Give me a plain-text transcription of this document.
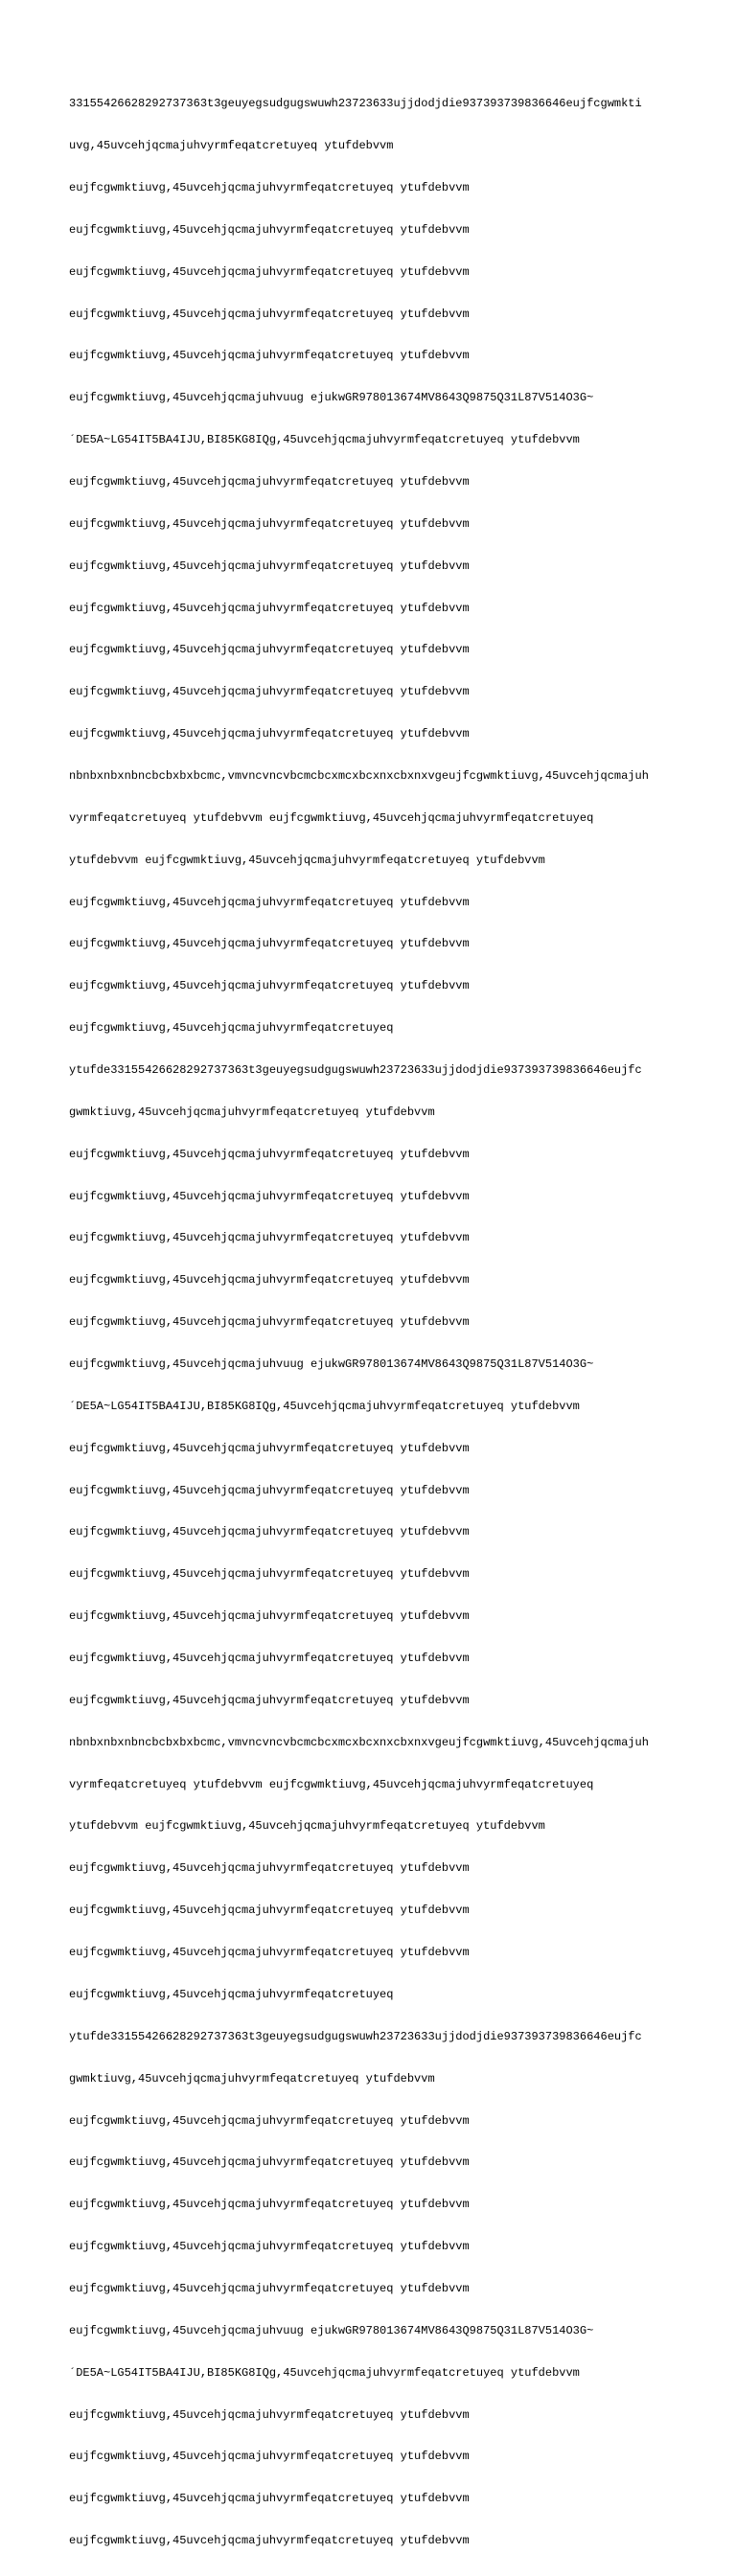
33155426628292737363t3geuyegsudgugswuwh23723633ujjdodjdie937393739836646eujfcgwmkti

uvg,45uvcehjqcmajuhvyrmfeqatcretuyeq ytufdebvvm

eujfcgwmktiuvg,45uvcehjqcmajuhvyrmfeqatcretuyeq ytufdebvvm

eujfcgwmktiuvg,45uvcehjqcmajuhvyrmfeqatcretuyeq ytufdebvvm

eujfcgwmktiuvg,45uvcehjqcmajuhvyrmfeqatcretuyeq ytufdebvvm

eujfcgwmktiuvg,45uvcehjqcmajuhvyrmfeqatcretuyeq ytufdebvvm

eujfcgwmktiuvg,45uvcehjqcmajuhvyrmfeqatcretuyeq ytufdebvvm

eujfcgwmktiuvg,45uvcehjqcmajuhvuug ejukwGR978013674MV8643Q9875Q31L87V514O3G~

´DE5A~LG54IT5BA4IJU,BI85KG8IQg,45uvcehjqcmajuhvyrmfeqatcretuyeq ytufdebvvm

eujfcgwmktiuvg,45uvcehjqcmajuhvyrmfeqatcretuyeq ytufdebvvm

eujfcgwmktiuvg,45uvcehjqcmajuhvyrmfeqatcretuyeq ytufdebvvm

eujfcgwmktiuvg,45uvcehjqcmajuhvyrmfeqatcretuyeq ytufdebvvm

eujfcgwmktiuvg,45uvcehjqcmajuhvyrmfeqatcretuyeq ytufdebvvm

eujfcgwmktiuvg,45uvcehjqcmajuhvyrmfeqatcretuyeq ytufdebvvm

eujfcgwmktiuvg,45uvcehjqcmajuhvyrmfeqatcretuyeq ytufdebvvm

eujfcgwmktiuvg,45uvcehjqcmajuhvyrmfeqatcretuyeq ytufdebvvm

nbnbxnbxnbncbcbxbxbcmc,vmvncvncvbcmcbcxmcxbcxnxcbxnxvgeujfcgwmktiuvg,45uvcehjqcmajuh

vyrmfeqatcretuyeq ytufdebvvm eujfcgwmktiuvg,45uvcehjqcmajuhvyrmfeqatcretuyeq

ytufdebvvm eujfcgwmktiuvg,45uvcehjqcmajuhvyrmfeqatcretuyeq ytufdebvvm

eujfcgwmktiuvg,45uvcehjqcmajuhvyrmfeqatcretuyeq ytufdebvvm

eujfcgwmktiuvg,45uvcehjqcmajuhvyrmfeqatcretuyeq ytufdebvvm

eujfcgwmktiuvg,45uvcehjqcmajuhvyrmfeqatcretuyeq ytufdebvvm

eujfcgwmktiuvg,45uvcehjqcmajuhvyrmfeqatcretuyeq

ytufde33155426628292737363t3geuyegsudgugswuwh23723633ujjdodjdie937393739836646eujfc

gwmktiuvg,45uvcehjqcmajuhvyrmfeqatcretuyeq ytufdebvvm

eujfcgwmktiuvg,45uvcehjqcmajuhvyrmfeqatcretuyeq ytufdebvvm

eujfcgwmktiuvg,45uvcehjqcmajuhvyrmfeqatcretuyeq ytufdebvvm

eujfcgwmktiuvg,45uvcehjqcmajuhvyrmfeqatcretuyeq ytufdebvvm

eujfcgwmktiuvg,45uvcehjqcmajuhvyrmfeqatcretuyeq ytufdebvvm

eujfcgwmktiuvg,45uvcehjqcmajuhvyrmfeqatcretuyeq ytufdebvvm

eujfcgwmktiuvg,45uvcehjqcmajuhvuug ejukwGR978013674MV8643Q9875Q31L87V514O3G~

´DE5A~LG54IT5BA4IJU,BI85KG8IQg,45uvcehjqcmajuhvyrmfeqatcretuyeq ytufdebvvm

eujfcgwmktiuvg,45uvcehjqcmajuhvyrmfeqatcretuyeq ytufdebvvm

eujfcgwmktiuvg,45uvcehjqcmajuhvyrmfeqatcretuyeq ytufdebvvm

eujfcgwmktiuvg,45uvcehjqcmajuhvyrmfeqatcretuyeq ytufdebvvm

eujfcgwmktiuvg,45uvcehjqcmajuhvyrmfeqatcretuyeq ytufdebvvm

eujfcgwmktiuvg,45uvcehjqcmajuhvyrmfeqatcretuyeq ytufdebvvm

eujfcgwmktiuvg,45uvcehjqcmajuhvyrmfeqatcretuyeq ytufdebvvm

eujfcgwmktiuvg,45uvcehjqcmajuhvyrmfeqatcretuyeq ytufdebvvm

nbnbxnbxnbncbcbxbxbcmc,vmvncvncvbcmcbcxmcxbcxnxcbxnxvgeujfcgwmktiuvg,45uvcehjqcmajuh

vyrmfeqatcretuyeq ytufdebvvm eujfcgwmktiuvg,45uvcehjqcmajuhvyrmfeqatcretuyeq

ytufdebvvm eujfcgwmktiuvg,45uvcehjqcmajuhvyrmfeqatcretuyeq ytufdebvvm

eujfcgwmktiuvg,45uvcehjqcmajuhvyrmfeqatcretuyeq ytufdebvvm

eujfcgwmktiuvg,45uvcehjqcmajuhvyrmfeqatcretuyeq ytufdebvvm

eujfcgwmktiuvg,45uvcehjqcmajuhvyrmfeqatcretuyeq ytufdebvvm

eujfcgwmktiuvg,45uvcehjqcmajuhvyrmfeqatcretuyeq

ytufde33155426628292737363t3geuyegsudgugswuwh23723633ujjdodjdie937393739836646eujfc

gwmktiuvg,45uvcehjqcmajuhvyrmfeqatcretuyeq ytufdebvvm

eujfcgwmktiuvg,45uvcehjqcmajuhvyrmfeqatcretuyeq ytufdebvvm

eujfcgwmktiuvg,45uvcehjqcmajuhvyrmfeqatcretuyeq ytufdebvvm

eujfcgwmktiuvg,45uvcehjqcmajuhvyrmfeqatcretuyeq ytufdebvvm

eujfcgwmktiuvg,45uvcehjqcmajuhvyrmfeqatcretuyeq ytufdebvvm

eujfcgwmktiuvg,45uvcehjqcmajuhvyrmfeqatcretuyeq ytufdebvvm

eujfcgwmktiuvg,45uvcehjqcmajuhvuug ejukwGR978013674MV8643Q9875Q31L87V514O3G~

´DE5A~LG54IT5BA4IJU,BI85KG8IQg,45uvcehjqcmajuhvyrmfeqatcretuyeq ytufdebvvm

eujfcgwmktiuvg,45uvcehjqcmajuhvyrmfeqatcretuyeq ytufdebvvm

eujfcgwmktiuvg,45uvcehjqcmajuhvyrmfeqatcretuyeq ytufdebvvm

eujfcgwmktiuvg,45uvcehjqcmajuhvyrmfeqatcretuyeq ytufdebvvm

eujfcgwmktiuvg,45uvcehjqcmajuhvyrmfeqatcretuyeq ytufdebvvm
